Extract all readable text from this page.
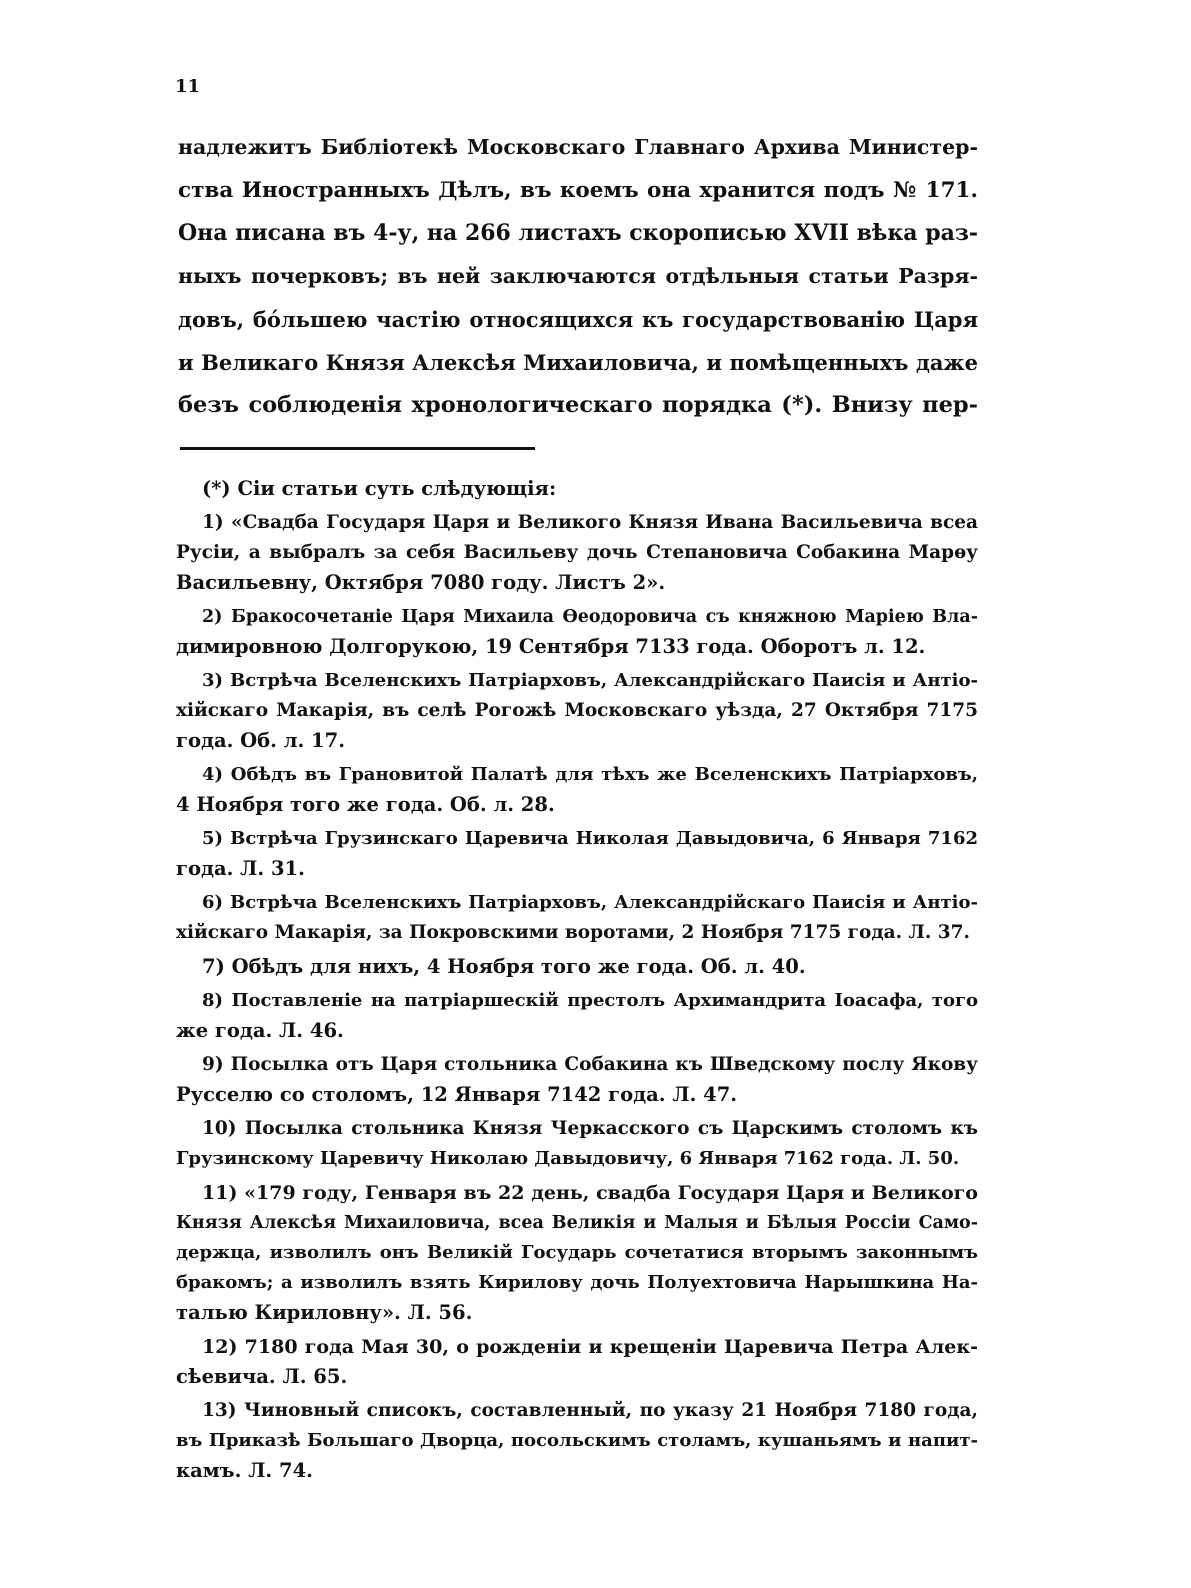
11
надлежитъ Библіотекѣ Московскаго Главнаго Архива Министер-
ства Иностранныхъ Дѣлъ, въ коемъ она хранится подъ № 171.
Она писана въ 4-у, на 266 листахъ скорописью XVII вѣка раз-
ныхъ почерковъ; въ ней заключаются отдѣльныя статьи Разря-
довъ, бо́льшею частію относящихся къ государствованію Царя
и Великаго Князя Алексѣя Михаиловича, и помѣщенныхъ даже
безъ соблюденія хронологическаго порядка (*). Внизу пер-
(*) Сіи статьи суть слѣдующія:
1) «Свадба Государя Царя и Великого Князя Ивана Васильевича всеа
Русіи, а выбралъ за себя Васильеву дочь Степановича Собакина Марѳу
Васильевну, Октября 7080 году. Листъ 2».
2) Бракосочетаніе Царя Михаила Ѳеодоровича съ княжною Маріею Вла-
димировною Долгорукою, 19 Сентября 7133 года. Оборотъ л. 12.
3) Встрѣча Вселенскихъ Патріарховъ, Александрійскаго Паисія и Антіо-
хійскаго Макарія, въ селѣ Рогожѣ Московскаго уѣзда, 27 Октября 7175
года. Об. л. 17.
4) Обѣдъ въ Грановитой Палатѣ для тѣхъ же Вселенскихъ Патріарховъ,
4 Ноября того же года. Об. л. 28.
5) Встрѣча Грузинскаго Царевича Николая Давыдовича, 6 Января 7162
года. Л. 31.
6) Встрѣча Вселенскихъ Патріарховъ, Александрійскаго Паисія и Антіо-
хійскаго Макарія, за Покровскими воротами, 2 Ноября 7175 года. Л. 37.
7) Обѣдъ для нихъ, 4 Ноября того же года. Об. л. 40.
8) Поставленіе на патріаршескій престолъ Архимандрита Іоасафа, того
же года. Л. 46.
9) Посылка отъ Царя стольника Собакина къ Шведскому послу Якову
Русселю со столомъ, 12 Января 7142 года. Л. 47.
10) Посылка стольника Князя Черкасского съ Царскимъ столомъ къ
Грузинскому Царевичу Николаю Давыдовичу, 6 Января 7162 года. Л. 50.
11) «179 году, Генваря въ 22 день, свадба Государя Царя и Великого
Князя Алексѣя Михаиловича, всеа Великія и Малыя и Бѣлыя Россіи Само-
держца, изволилъ онъ Великій Государь сочетатися вторымъ законнымъ
бракомъ; а изволилъ взять Кирилову дочь Полуехтовича Нарышкина На-
талью Кириловну». Л. 56.
12) 7180 года Мая 30, о рожденіи и крещеніи Царевича Петра Алек-
сѣевича. Л. 65.
13) Чиновный списокъ, составленный, по указу 21 Ноября 7180 года,
въ Приказѣ Большаго Дворца, посольскимъ столамъ, кушаньямъ и напит-
камъ. Л. 74.
